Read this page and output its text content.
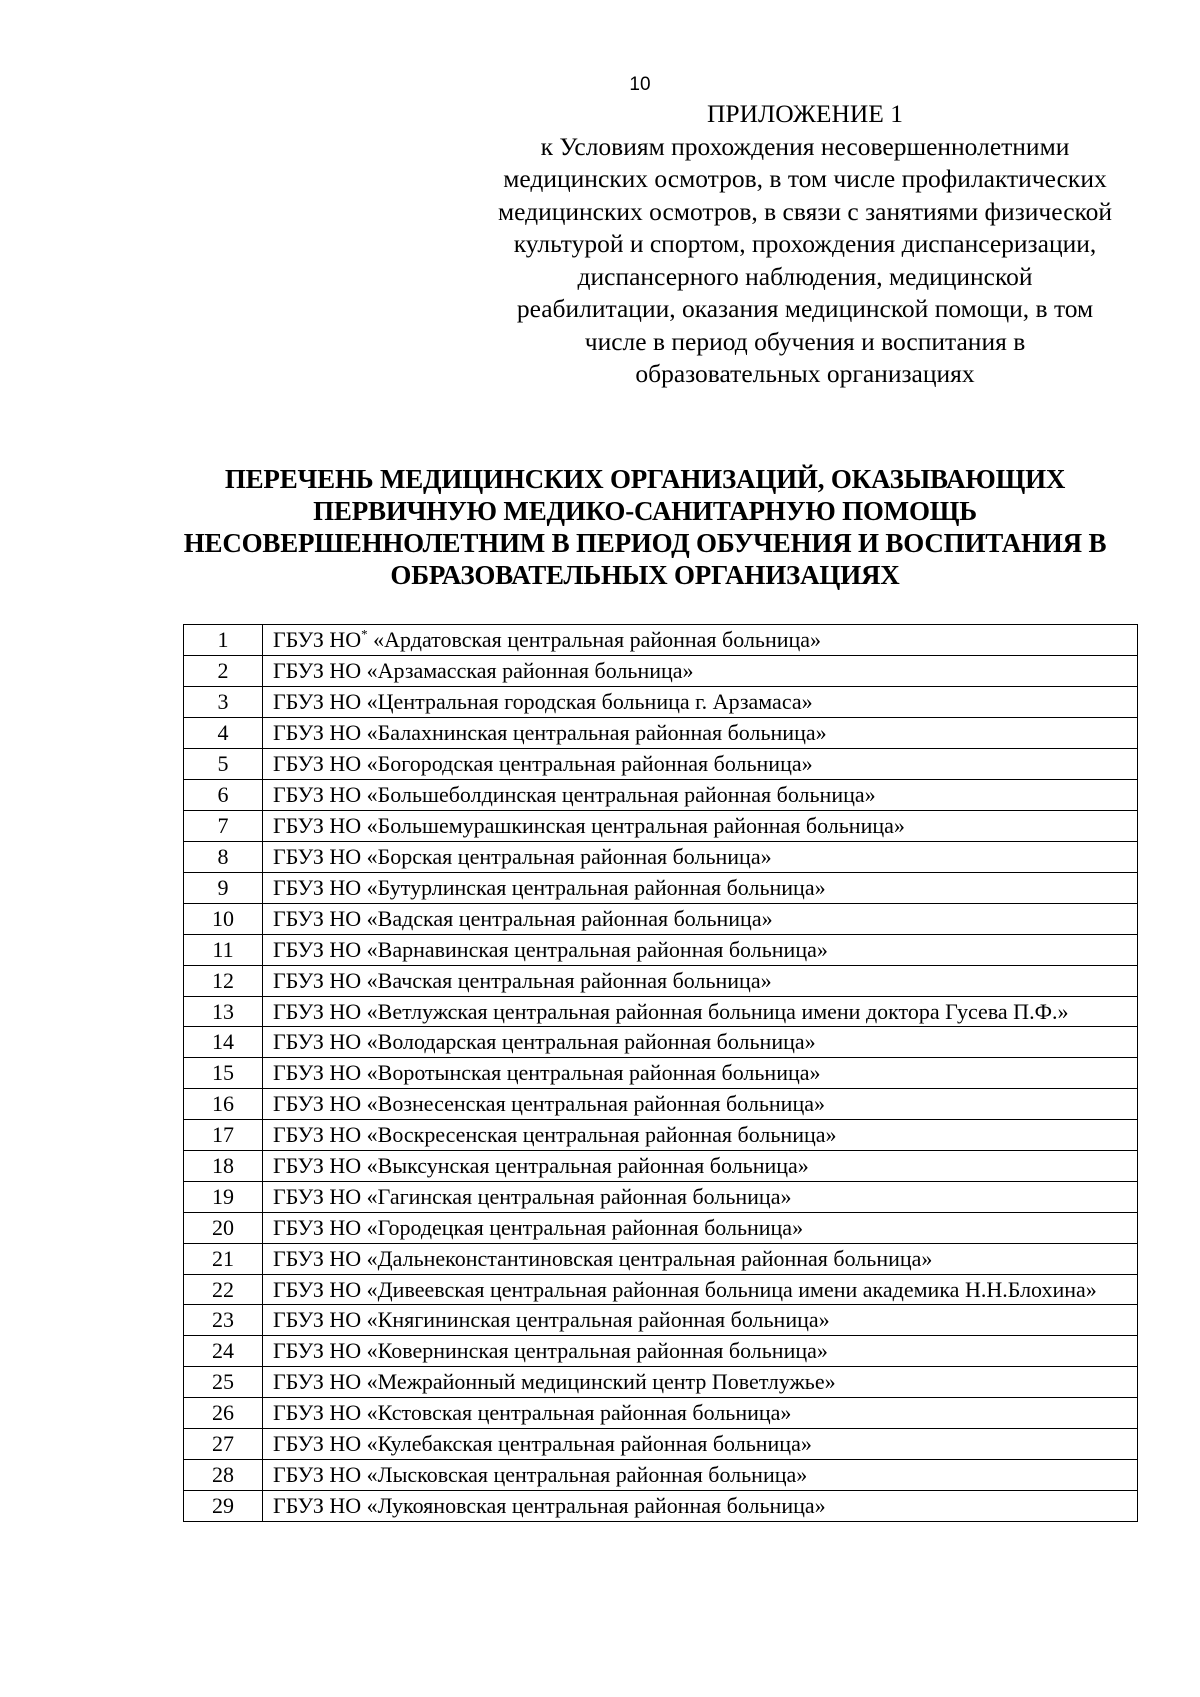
10
ПРИЛОЖЕНИЕ 1
к Условиям прохождения несовершеннолетними медицинских осмотров, в том числе профилактических медицинских осмотров, в связи с занятиями физической культурой и спортом, прохождения диспансеризации, диспансерного наблюдения, медицинской реабилитации, оказания медицинской помощи, в том числе в период обучения и воспитания в образовательных организациях
ПЕРЕЧЕНЬ МЕДИЦИНСКИХ ОРГАНИЗАЦИЙ, ОКАЗЫВАЮЩИХ ПЕРВИЧНУЮ МЕДИКО-САНИТАРНУЮ ПОМОЩЬ НЕСОВЕРШЕННОЛЕТНИМ В ПЕРИОД ОБУЧЕНИЯ И ВОСПИТАНИЯ В ОБРАЗОВАТЕЛЬНЫХ ОРГАНИЗАЦИЯХ
1	ГБУЗ НО* «Ардатовская центральная районная больница»
2	ГБУЗ НО «Арзамасская районная больница»
3	ГБУЗ НО «Центральная городская больница г. Арзамаса»
4	ГБУЗ НО «Балахнинская центральная районная больница»
5	ГБУЗ НО «Богородская центральная районная больница»
6	ГБУЗ НО «Большеболдинская центральная районная больница»
7	ГБУЗ НО «Большемурашкинская центральная районная больница»
8	ГБУЗ НО «Борская центральная районная больница»
9	ГБУЗ НО «Бутурлинская центральная районная больница»
10	ГБУЗ НО «Вадская центральная районная больница»
11	ГБУЗ НО «Варнавинская центральная районная больница»
12	ГБУЗ НО «Вачская центральная районная больница»
13	ГБУЗ НО «Ветлужская центральная районная больница имени доктора Гусева П.Ф.»
14	ГБУЗ НО «Володарская центральная районная больница»
15	ГБУЗ НО «Воротынская центральная районная больница»
16	ГБУЗ НО «Вознесенская центральная районная больница»
17	ГБУЗ НО «Воскресенская центральная районная больница»
18	ГБУЗ НО «Выксунская центральная районная больница»
19	ГБУЗ НО «Гагинская центральная районная больница»
20	ГБУЗ НО «Городецкая центральная районная больница»
21	ГБУЗ НО «Дальнеконстантиновская центральная районная больница»
22	ГБУЗ НО «Дивеевская центральная районная больница имени академика Н.Н.Блохина»
23	ГБУЗ НО «Княгининская центральная районная больница»
24	ГБУЗ НО «Ковернинская центральная районная больница»
25	ГБУЗ НО «Межрайонный медицинский центр Поветлужье»
26	ГБУЗ НО «Кстовская центральная районная больница»
27	ГБУЗ НО «Кулебакская центральная районная больница»
28	ГБУЗ НО «Лысковская центральная районная больница»
29	ГБУЗ НО «Лукояновская центральная районная больница»
